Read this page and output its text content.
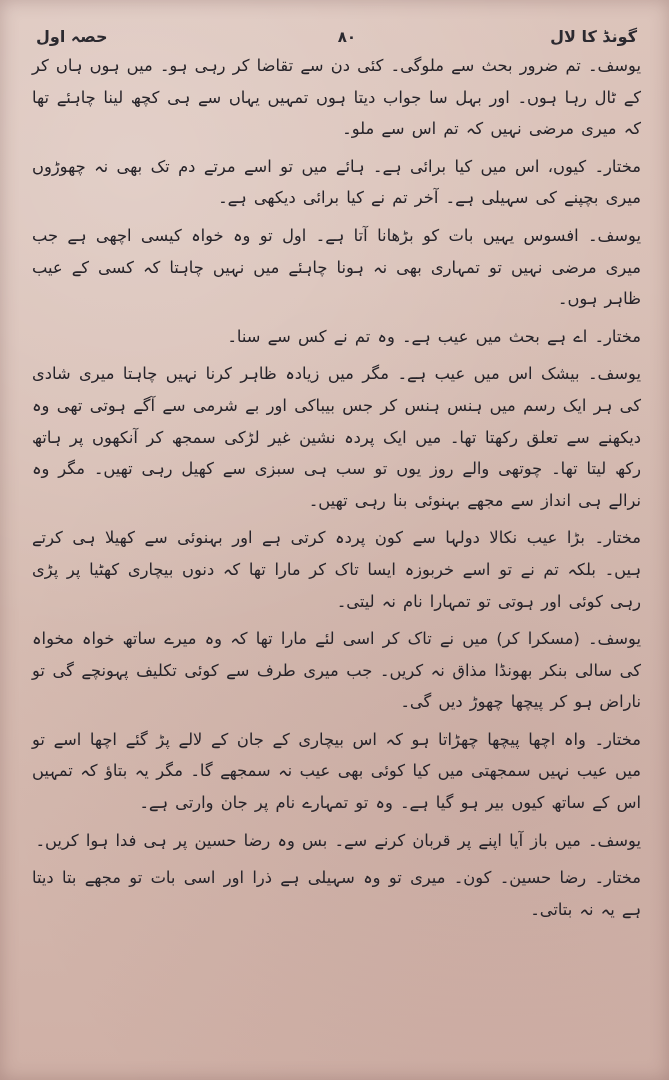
گونڈ کا لال
۸۰
حصہ اول

یوسف۔ تم ضرور بحث سے ملوگی۔ کئی دن سے تقاضا کر رہی ہو۔ میں ہوں ہاں کر کے ٹال رہا ہوں۔ اور بہل سا جواب دیتا ہوں تمہیں یہاں سے ہی کچھ لینا چاہئے تھا کہ میری مرضی نہیں کہ تم اس سے ملو۔

مختار۔ کیوں، اس میں کیا برائی ہے۔ ہائے میں تو اسے مرتے دم تک بھی نہ چھوڑوں میری بچپنے کی سہیلی ہے۔ آخر تم نے کیا برائی دیکھی ہے۔

یوسف۔ افسوس یہیں بات کو بڑھانا آتا ہے۔ اول تو وہ خواہ کیسی اچھی ہے جب میری مرضی نہیں تو تمہاری بھی نہ ہونا چاہئے میں نہیں چاہتا کہ کسی کے عیب ظاہر ہوں۔

مختار۔ اے ہے بحث میں عیب ہے۔ وہ تم نے کس سے سنا۔

یوسف۔ بیشک اس میں عیب ہے۔ مگر میں زیادہ ظاہر کرنا نہیں چاہتا میری شادی کی ہر ایک رسم میں ہنس ہنس کر جس بیباکی اور بے شرمی سے آگے ہوتی تھی وہ دیکھنے سے تعلق رکھتا تھا۔ میں ایک پردہ نشین غیر لڑکی سمجھ کر آنکھوں پر ہاتھ رکھ لیتا تھا۔ چوتھی والے روز یوں تو سب ہی سبزی سے کھیل رہی تھیں۔ مگر وہ نرالے ہی انداز سے مجھے بہنوئی بنا رہی تھیں۔

مختار۔ بڑا عیب نکالا دولہا سے کون پردہ کرتی ہے اور بہنوئی سے کھیلا ہی کرتے ہیں۔ بلکہ تم نے تو اسے خربوزہ ایسا تاک کر مارا تھا کہ دنوں بیچاری کھٹیا پر پڑی رہی کوئی اور ہوتی تو تمہارا نام نہ لیتی۔

یوسف۔ (مسکرا کر) میں نے تاک کر اسی لئے مارا تھا کہ وہ میرے ساتھ خواہ مخواہ کی سالی بنکر بھونڈا مذاق نہ کریں۔ جب میری طرف سے کوئی تکلیف پہونچے گی تو ناراض ہو کر پیچھا چھوڑ دیں گی۔

مختار۔ واہ اچھا پیچھا چھڑاتا ہو کہ اس بیچاری کے جان کے لالے پڑ گئے اچھا اسے تو میں عیب نہیں سمجھتی میں کیا کوئی بھی عیب نہ سمجھے گا۔ مگر یہ بتاؤ کہ تمہیں اس کے ساتھ کیوں بیر ہو گیا ہے۔ وہ تو تمہارے نام پر جان وارتی ہے۔

یوسف۔ میں باز آیا اپنے پر قربان کرنے سے۔ بس وہ رضا حسین پر ہی فدا ہوا کریں۔

مختار۔ رضا حسین۔ کون۔ میری تو وہ سہیلی ہے ذرا اور اسی بات تو مجھے بتا دیتا ہے یہ نہ بتاتی۔
